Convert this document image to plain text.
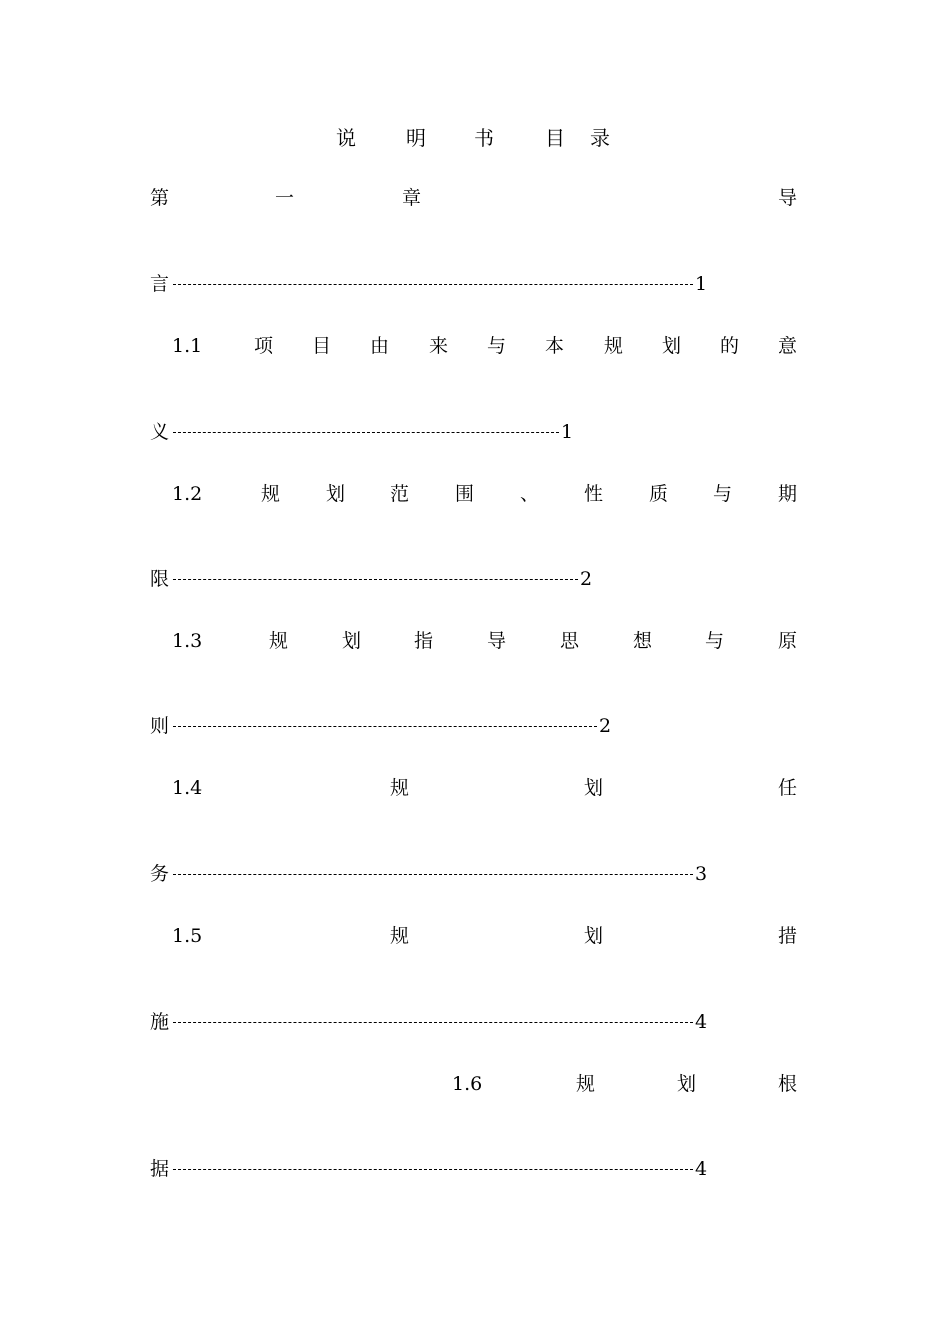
说	明 书	目 录
第	一	章	导
言	1
1.1	项 目 由 来 与 本 规 划 的 意
义	1
1.2	规 划 范 围 、 性 质 与 期
限	2
1.3	规	划	指	导	思	想	与	原
则	2
1.4	规	划	任
务	3
1.5	规	划	措
施	4
1.6	规	划	根
据	4
